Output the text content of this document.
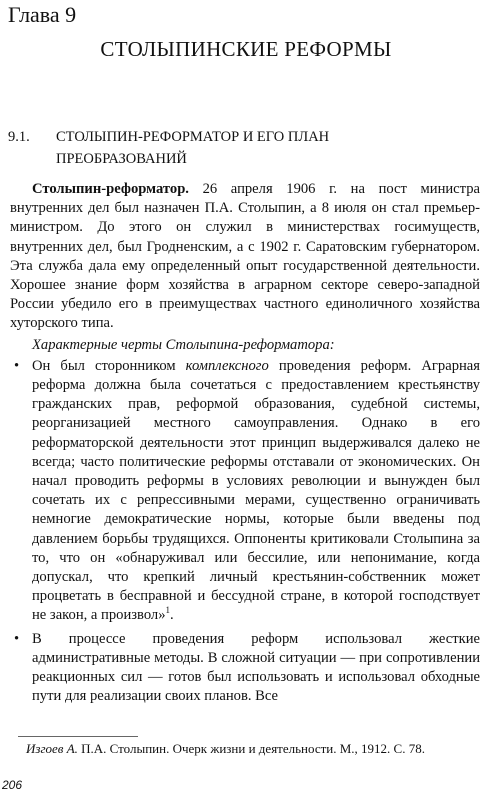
Глава 9
СТОЛЫПИНСКИЕ РЕФОРМЫ
9.1. СТОЛЫПИН-РЕФОРМАТОР И ЕГО ПЛАН
ПРЕОБРАЗОВАНИЙ

Столыпин-реформатор. 26 апреля 1906 г. на пост министра внутренних дел был назначен П.А. Столыпин, а 8 июля он стал премьер-министром. До этого он служил в министерствах госимуществ, внутренних дел, был Гродненским, а с 1902 г. Саратовским губернатором. Эта служба дала ему определенный опыт государственной деятельности. Хорошее знание форм хозяйства в аграрном секторе северо-западной России убедило его в преимуществах частного единоличного хозяйства хуторского типа.

Характерные черты Столыпина-реформатора:
• Он был сторонником комплексного проведения реформ. Аграрная реформа должна была сочетаться с предоставлением крестьянству гражданских прав, реформой образования, судебной системы, реорганизацией местного самоуправления. Однако в его реформаторской деятельности этот принцип выдерживался далеко не всегда; часто политические реформы отставали от экономических. Он начал проводить реформы в условиях революции и вынужден был сочетать их с репрессивными мерами, существенно ограничивать немногие демократические нормы, которые были введены под давлением борьбы трудящихся. Оппоненты критиковали Столыпина за то, что он «обнаруживал или бессилие, или непонимание, когда допускал, что крепкий личный крестьянин-собственник может процветать в бесправной и бессудной стране, в которой господствует не закон, а произвол»$^1$.
• В процессе проведения реформ использовал жесткие административные методы. В сложной ситуации — при сопротивлении реакционных сил — готов был использовать и использовал обходные пути для реализации своих планов. Все
Изгоев А. П.А. Столыпин. Очерк жизни и деятельности. М., 1912. С. 78.
206
